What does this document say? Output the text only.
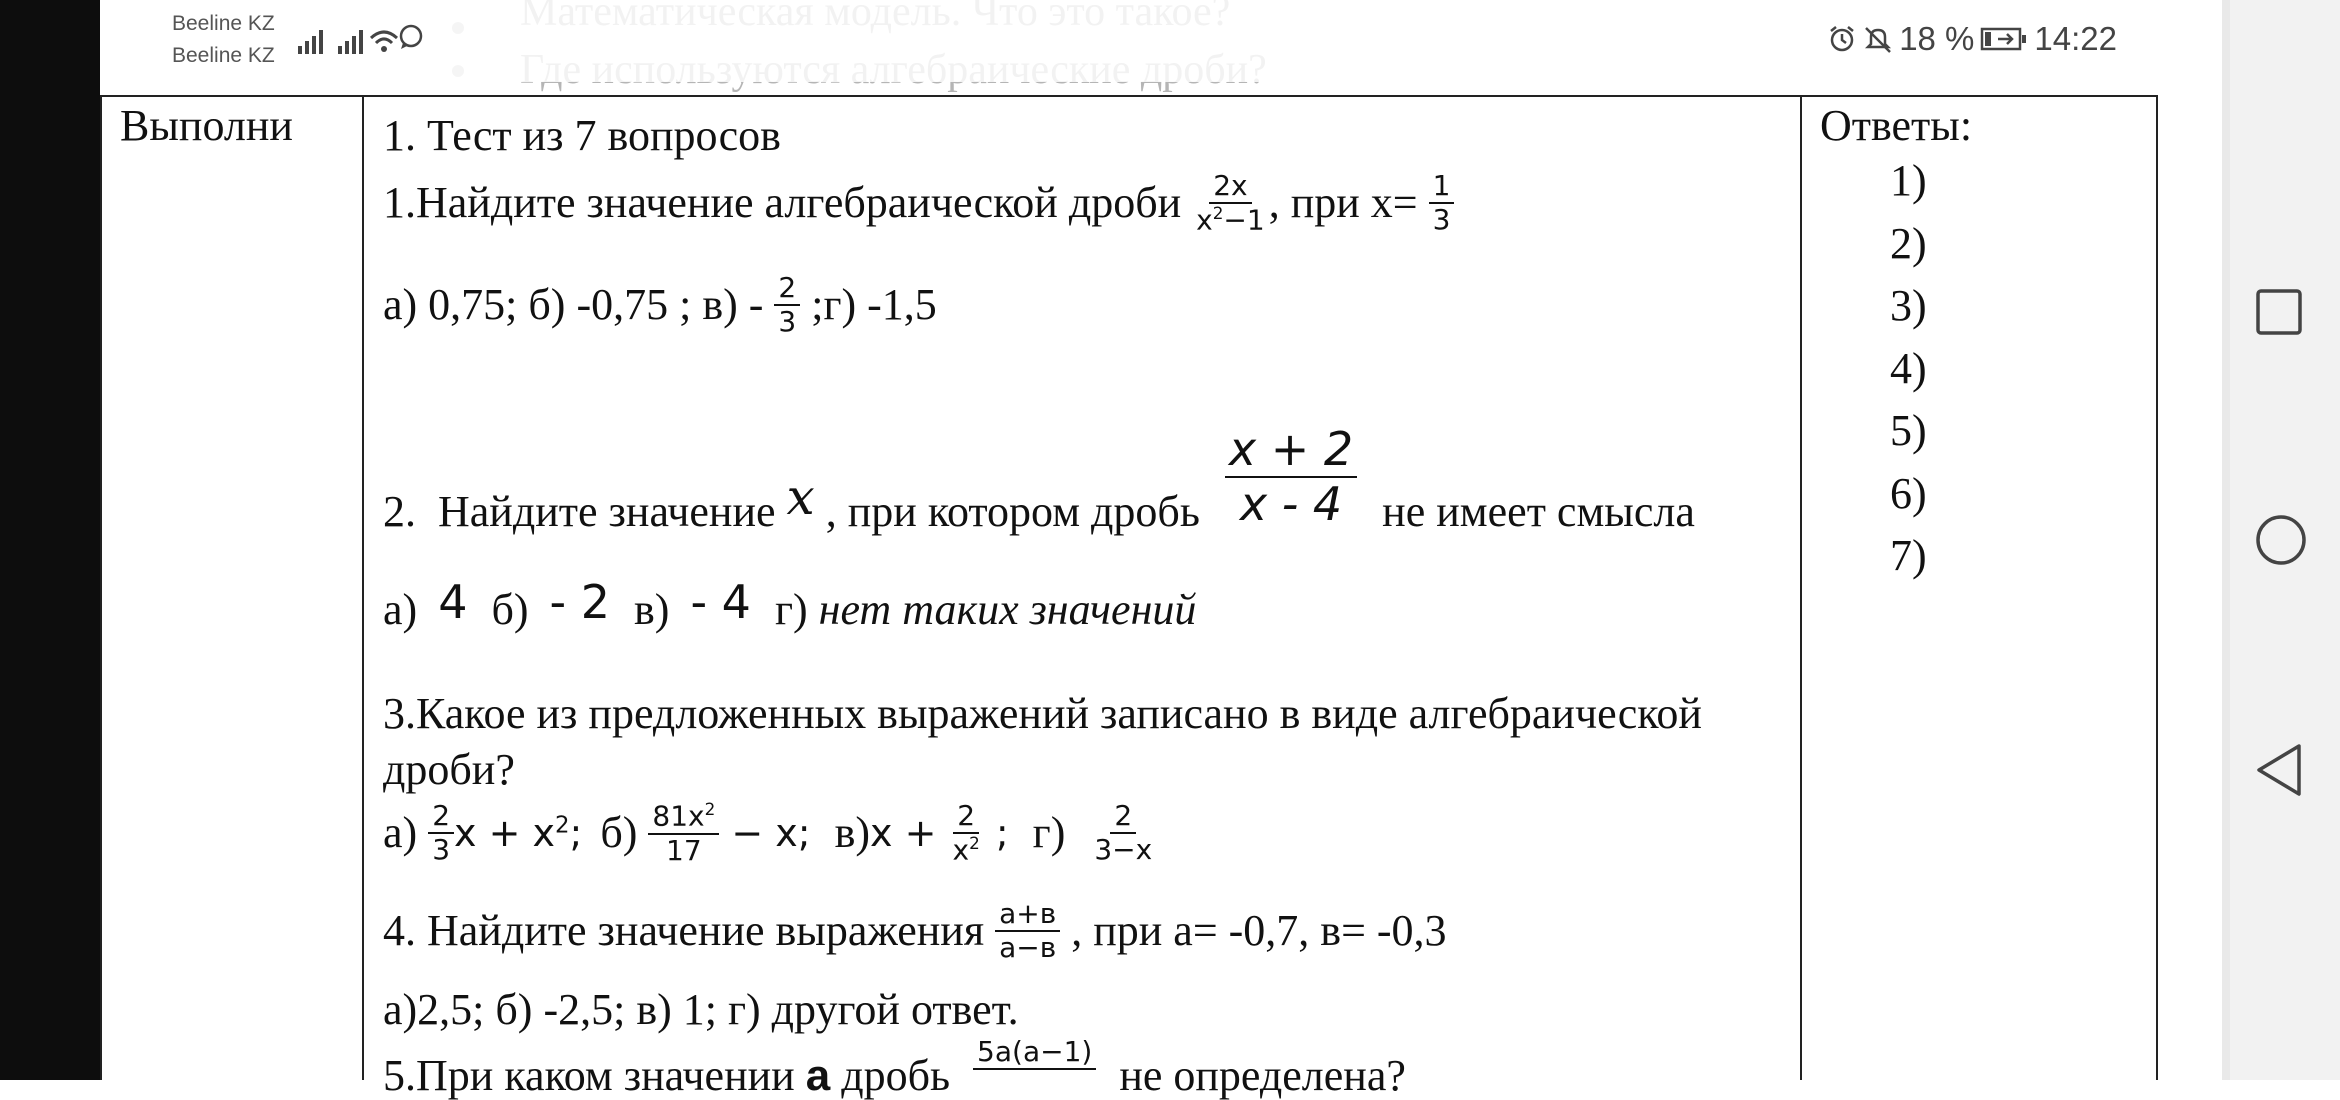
Beeline KZ
Beeline KZ	18 % 14:22
Выполни	Ответы:
1)
2)
3)
4)
5)
6)
7)
1. Тест из 7 вопросов
1.Найдите значение алгебраической дроби $\frac{2x}{x^2-1}$ , при $x= \frac{1}{3}$
а) 0,75; б) -0,75 ; $в) - \frac{2}{3}$ ;г) -1,5
2.  Найдите значение x , при котором дробь $\frac{x + 2}{x - 4}$ не имеет смысла
а) 4 б) - 2 в) - 4 г) нет таких значений
3.Какое из предложенных выражений записано в виде алгебраической
дроби?
$а) \frac{2}{3}$ $x + x^2$; $б) \frac{81x^2}{17} - x$; в) $x + \frac{2}{x^2}$ ; $г) \frac{2}{3-x}$
4. Найдите значение выражения $\frac{а+в}{а-в}$ , при а= -0,7, в= -0,3
а)2,5; б) -2,5; в) 1; г) другой ответ.
5.При каком значении а дробь 5а(а−1) не определена?
